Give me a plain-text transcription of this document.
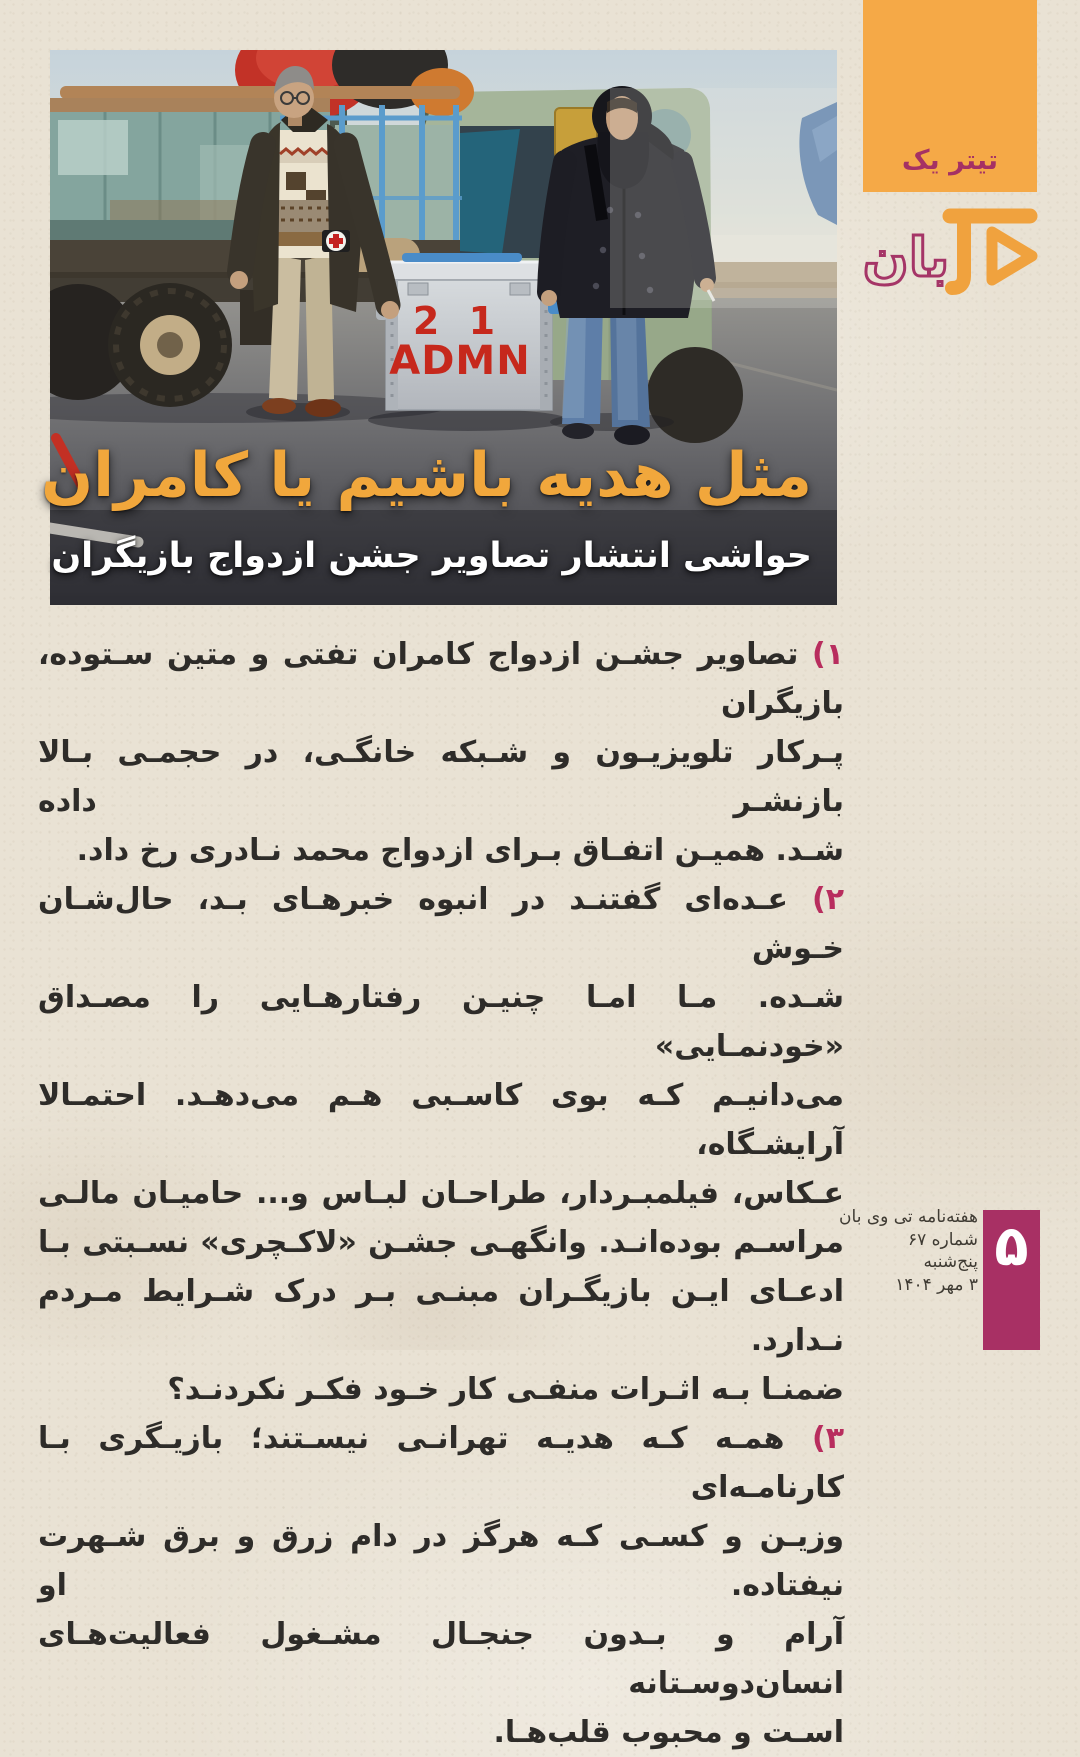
1 2
ADMN
مثل هدیه باشیم یا کامران
حواشی انتشار تصاویر جشن ازدواج بازیگران
تیتر یک
بان
۱) تصاویر جشـن ازدواج کامران تفتی و متین سـتوده، بازیگران
پـرکار تلویزیـون و شـبکه خانگـی، در حجمـی بـالا بازنشـر داده
شـد. همیـن اتفـاق بـرای ازدواج محمد نـادری رخ داد.
۲) عـده‌ای گفتنـد در انبوه خبرهـای بـد، حال‌شـان خـوش
شـده. مـا امـا چنیـن رفتارهـایی را مصـداق «خودنمـایی»
می‌دانیـم کـه بوی کاسـبی هـم می‌دهـد. احتمـالا آرایشـگاه،
عـکاس، فیلمبـردار، طراحـان لبـاس و... حامیـان مالـی
مراسـم بوده‌انـد. وانگهـی جشـن «لاکـچری» نسـبتی بـا
ادعـای ایـن بازیگـران مبنـی بـر درک شـرایط مـردم نـدارد.
ضمنـا بـه اثـرات منفـی کار خـود فکـر نکردنـد؟
۳) همـه کـه هدیـه تهرانـی نیسـتند؛ بازیـگری بـا کارنامـه‌ای
وزیـن و کسـی کـه هرگز در دام زرق و برق شـهرت نیفتاده. او
آرام و بـدون جنجـال مشـغول فعالیت‌هـای انسان‌دوسـتانه
اسـت و محبوب قلب‌هـا.
هفته‌نامه تی وی بان
شماره ۶۷
پنج‌شنبه
۳ مهر ۱۴۰۴
۵
